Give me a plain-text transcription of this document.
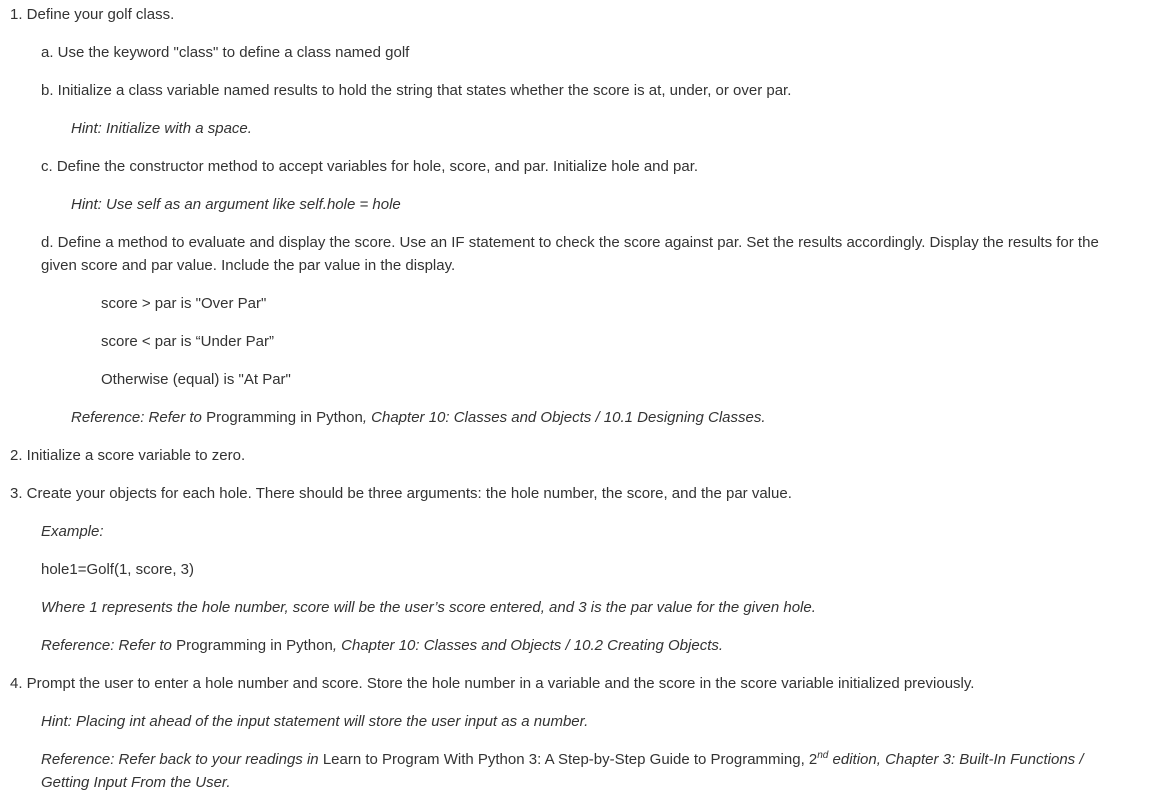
1. Define your golf class.
a. Use the keyword "class" to define a class named golf
b. Initialize a class variable named results to hold the string that states whether the score is at, under, or over par.
Hint: Initialize with a space.
c. Define the constructor method to accept variables for hole, score, and par. Initialize hole and par.
Hint: Use self as an argument like self.hole = hole
d. Define a method to evaluate and display the score. Use an IF statement to check the score against par. Set the results accordingly. Display the results for the
given score and par value. Include the par value in the display.
score > par is "Over Par"
score < par is “Under Par”
Otherwise (equal) is "At Par"
Reference: Refer to Programming in Python, Chapter 10: Classes and Objects / 10.1 Designing Classes.
2. Initialize a score variable to zero.
3. Create your objects for each hole. There should be three arguments: the hole number, the score, and the par value.
Example:
hole1=Golf(1, score, 3)
Where 1 represents the hole number, score will be the user’s score entered, and 3 is the par value for the given hole.
Reference: Refer to Programming in Python, Chapter 10: Classes and Objects / 10.2 Creating Objects.
4. Prompt the user to enter a hole number and score. Store the hole number in a variable and the score in the score variable initialized previously.
Hint: Placing int ahead of the input statement will store the user input as a number.
Reference: Refer back to your readings in Learn to Program With Python 3: A Step-by-Step Guide to Programming, 2nd edition, Chapter 3: Built-In Functions /
Getting Input From the User.
